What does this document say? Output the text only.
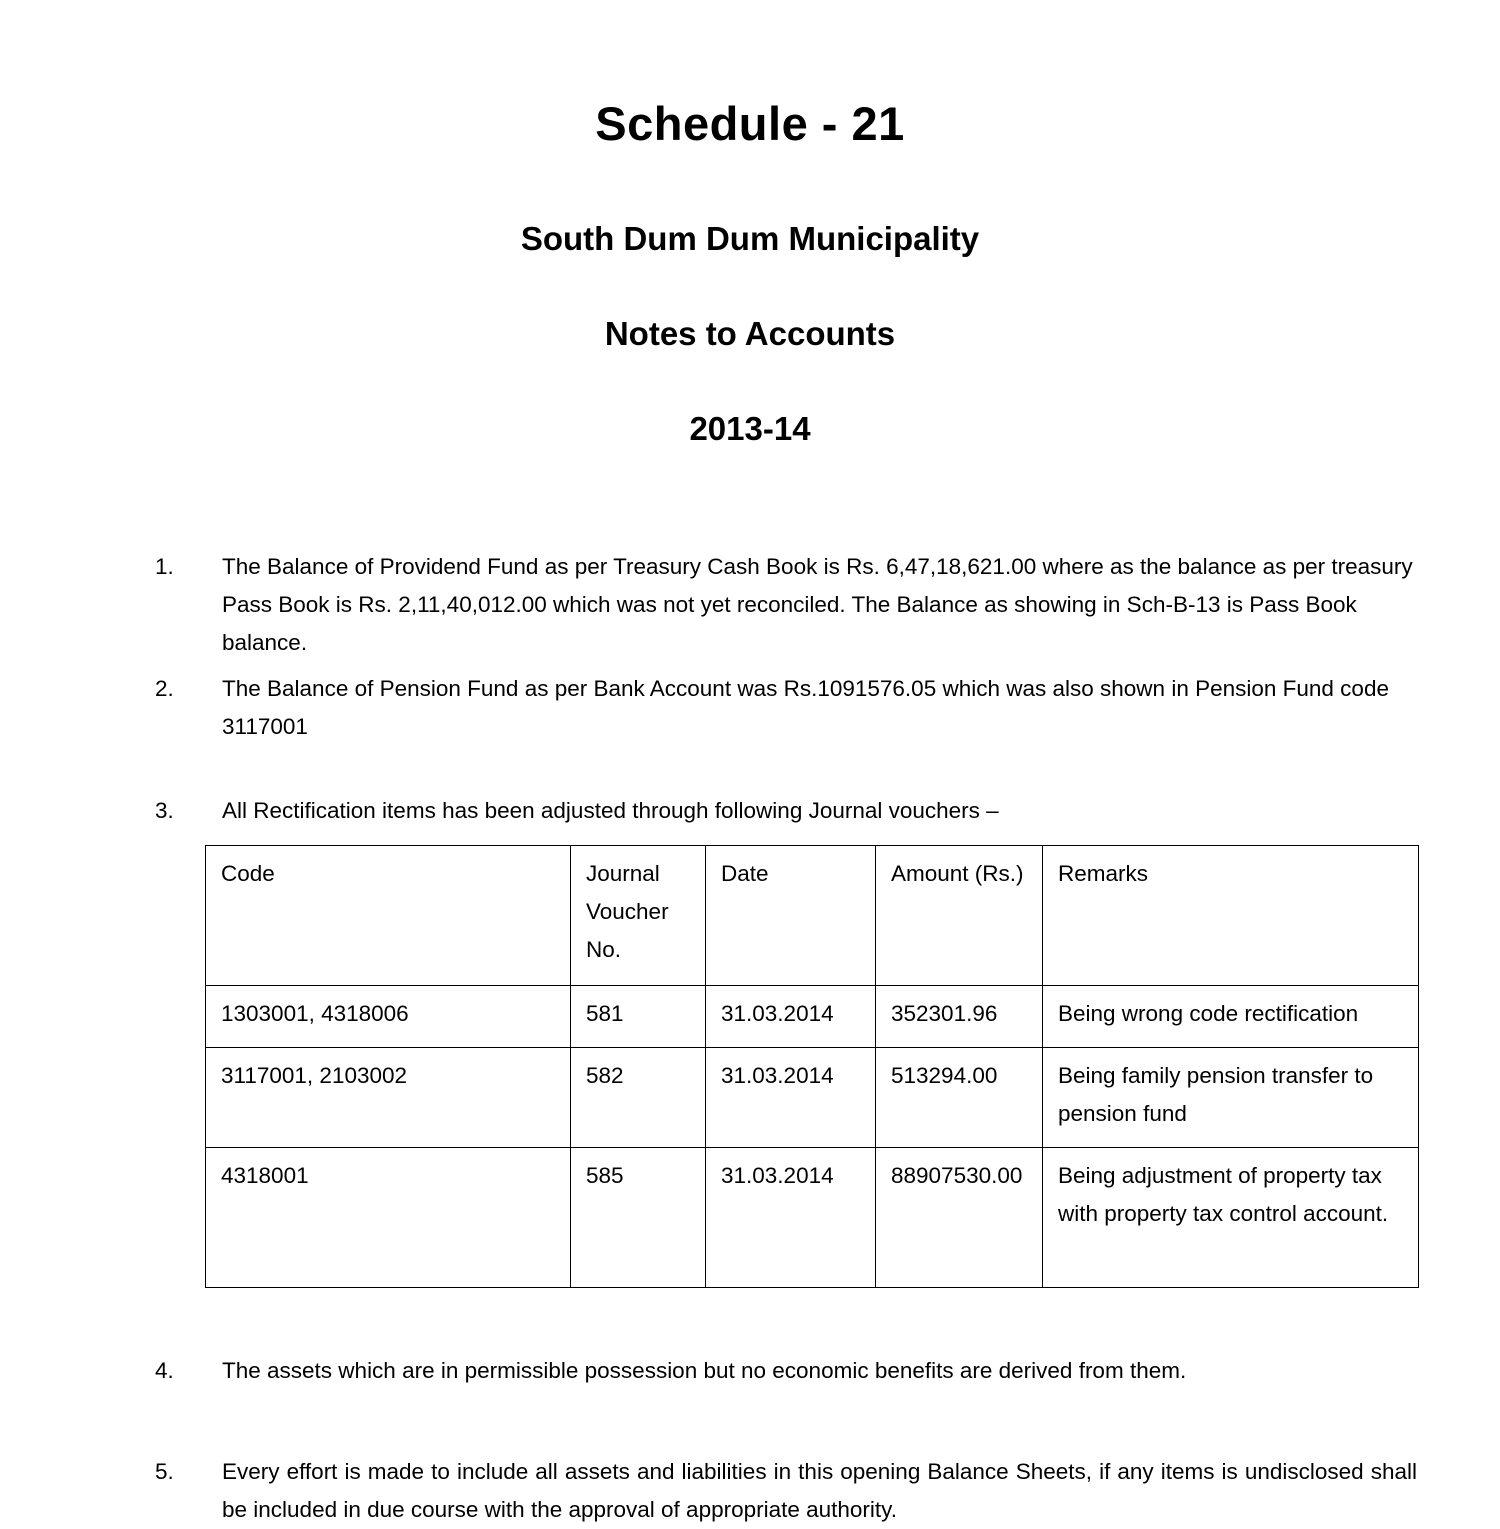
Schedule - 21
South Dum Dum Municipality
Notes to Accounts
2013-14
1.	The Balance of Providend Fund as per Treasury Cash Book is Rs. 6,47,18,621.00 where as the balance as per treasury Pass Book is Rs. 2,11,40,012.00 which was not yet reconciled. The Balance as showing in Sch-B-13 is Pass Book balance.
2.	The Balance of Pension Fund as per Bank Account was Rs.1091576.05 which was also shown in Pension Fund code 3117001
3.	All Rectification items has been adjusted through following Journal vouchers –
Code	Journal Voucher No.	Date	Amount (Rs.)	Remarks
1303001, 4318006	581	31.03.2014	352301.96	Being wrong code rectification
3117001, 2103002	582	31.03.2014	513294.00	Being family pension transfer to pension fund
4318001	585	31.03.2014	88907530.00	Being adjustment of property tax with property tax control account.
4.	The assets which are in permissible possession but no economic benefits are derived from them.
5.	Every effort is made to include all assets and liabilities in this opening Balance Sheets, if any items is undisclosed shall be included in due course with the approval of appropriate authority.
